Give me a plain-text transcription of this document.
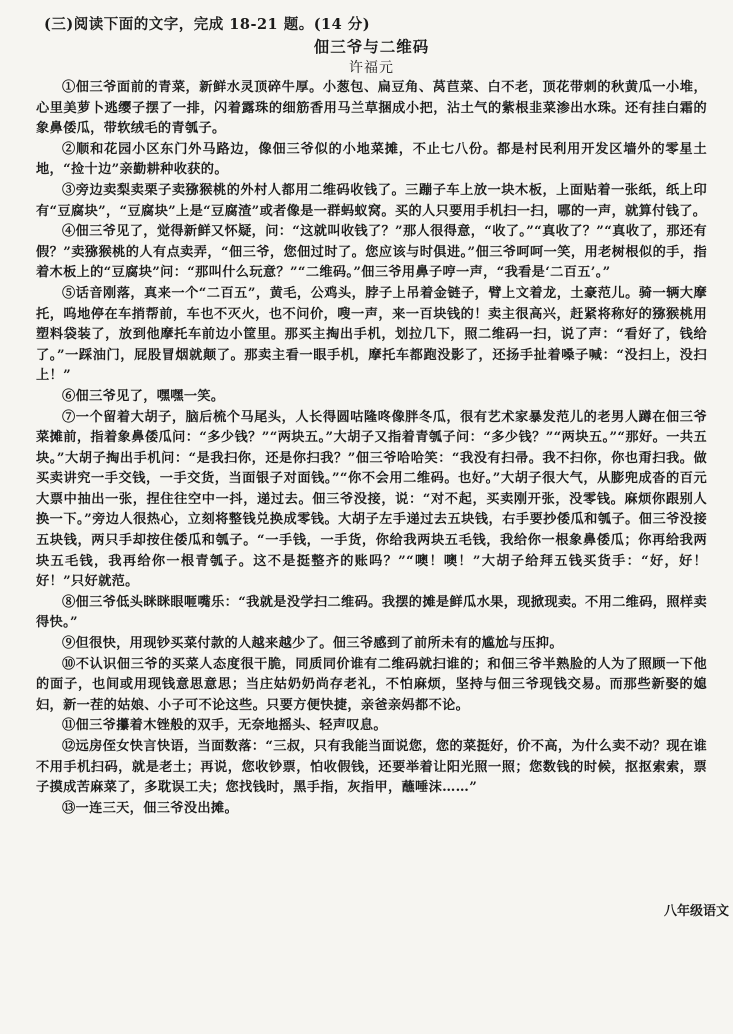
(三)阅读下面的文字，完成 18-21 题。(14 分)
佃三爷与二维码
许福元

①佃三爷面前的青菜，新鲜水灵顶碎牛厚。小葱包、扁豆角、莴苣菜、白不老，顶花带刺的秋黄瓜一小堆，心里美萝卜逃缨子摆了一排，闪着露珠的细筋香用马兰草捆成小把，沾土气的紫根韭菜渗出水珠。还有挂白霜的象鼻倭瓜，带软绒毛的青瓠子。

②顺和花园小区东门外马路边，像佃三爷似的小地菜摊，不止七八份。都是村民利用开发区墙外的零星土地，“捡十边”亲勤耕种收获的。

③旁边卖梨卖栗子卖猕猴桃的外村人都用二维码收钱了。三蹦子车上放一块木板，上面贴着一张纸，纸上印有“豆腐块”，“豆腐块”上是“豆腐渣”或者像是一群蚂蚁窝。买的人只要用手机扫一扫，哪的一声，就算付钱了。

④佃三爷见了，觉得新鲜又怀疑，问：“这就叫收钱了？”那人很得意，“收了。”“真收了？”“真收了，那还有假？”卖猕猴桃的人有点卖弄，“佃三爷，您佃过时了。您应该与时俱进。”佃三爷呵呵一笑，用老树根似的手，指着木板上的“豆腐块”问：“那叫什么玩意？”“二维码。”佃三爷用鼻子哼一声，“我看是‘二百五’。”

⑤话音刚落，真来一个“二百五”，黄毛，公鸡头，脖子上吊着金链子，臂上文着龙，土豪范儿。骑一辆大摩托，呜地停在车捎帮前，车也不灭火，也不问价，嗖一声，来一百块钱的！卖主很高兴，赶紧将称好的猕猴桃用塑料袋装了，放到他摩托车前边小筐里。那买主掏出手机，划拉几下，照二维码一扫，说了声：“看好了，钱给了。”一踩油门，屁股冒烟就颠了。那卖主看一眼手机，摩托车都跑没影了，还扬手扯着嗓子喊：“没扫上，没扫上！”

⑥佃三爷见了，嘿嘿一笑。

⑦一个留着大胡子，脑后梳个马尾头，人长得圆咕隆咚像胖冬瓜，很有艺术家暴发范儿的老男人蹲在佃三爷菜摊前，指着象鼻倭瓜问：“多少钱？”“两块五。”大胡子又指着青瓠子问：“多少钱？”“两块五。”“那好。一共五块。”大胡子掏出手机问：“是我扫你，还是你扫我？”佃三爷哈哈笑：“我没有扫帚。我不扫你，你也甭扫我。做买卖讲究一手交钱，一手交货，当面银子对面钱。”“你不会用二维码。也好。”大胡子很大气，从膨兜成沓的百元大票中抽出一张，捏住往空中一抖，递过去。佃三爷没接，说：“对不起，买卖刚开张，没零钱。麻烦你跟别人换一下。”旁边人很热心，立刻将整钱兑换成零钱。大胡子左手递过去五块钱，右手要抄倭瓜和瓠子。佃三爷没接五块钱，两只手却按住倭瓜和瓠子。“一手钱，一手货，你给我两块五毛钱，我给你一根象鼻倭瓜；你再给我两块五毛钱，我再给你一根青瓠子。这不是挺整齐的账吗？”“噢！噢！”大胡子给拜五钱买货手：“好，好！好！”只好就范。

⑧佃三爷低头眯眯眼咂嘴乐：“我就是没学扫二维码。我摆的摊是鲜瓜水果，现掀现卖。不用二维码，照样卖得快。”

⑨但很快，用现钞买菜付款的人越来越少了。佃三爷感到了前所未有的尴尬与压抑。

⑩不认识佃三爷的买菜人态度很干脆，同质同价谁有二维码就扫谁的；和佃三爷半熟脸的人为了照顾一下他的面子，也间或用现钱意思意思；当庄姑奶奶尚存老礼，不怕麻烦，坚持与佃三爷现钱交易。而那些新娶的媳妇，新一茬的姑娘、小子可不论这些。只要方便快捷，亲爸亲妈都不论。

⑪佃三爷攥着木锉般的双手，无奈地摇头、轻声叹息。

⑫远房侄女快言快语，当面数落：“三叔，只有我能当面说您，您的菜挺好，价不高，为什么卖不动？现在谁不用手机扫码，就是老土；再说，您收钞票，怕收假钱，还要举着让阳光照一照；您数钱的时候，抠抠索索，票子摸成苦麻菜了，多耽误工夫；您找钱时，黑手指，灰指甲，蘸唾沫……”

⑬一连三天，佃三爷没出摊。

八年级语文
